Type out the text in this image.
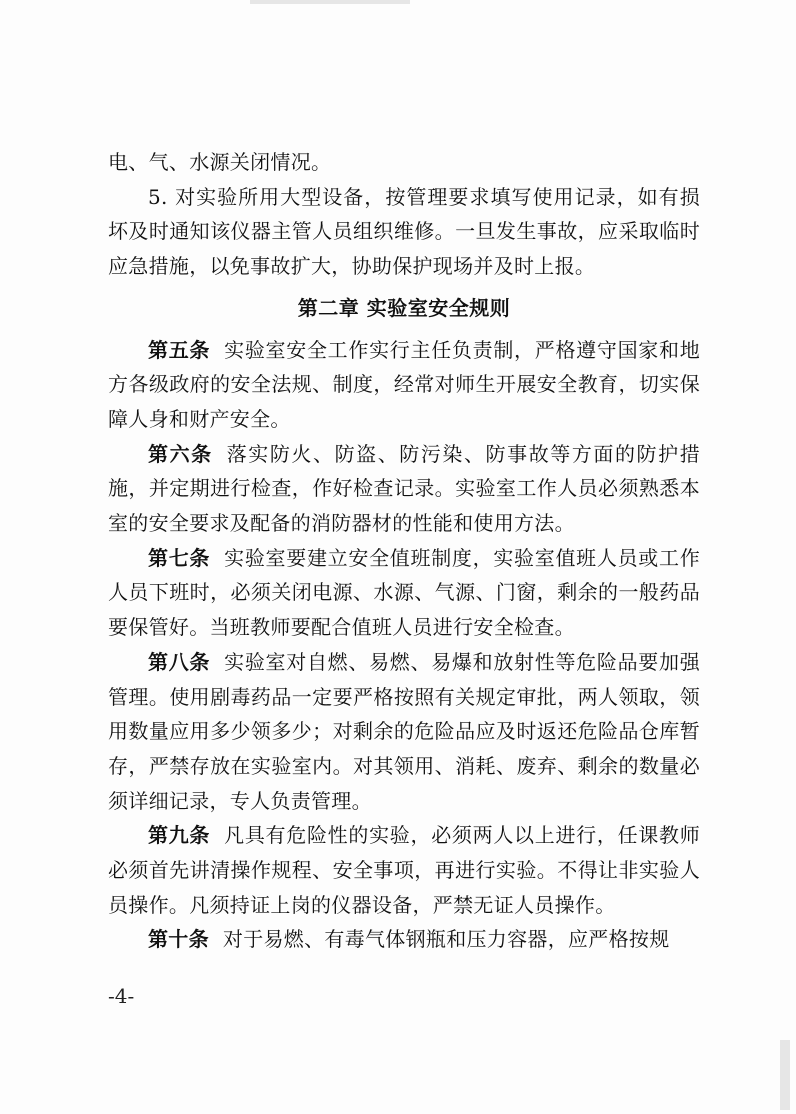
电、气、水源关闭情况。

5. 对实验所用大型设备，按管理要求填写使用记录，如有损坏及时通知该仪器主管人员组织维修。一旦发生事故，应采取临时应急措施，以免事故扩大，协助保护现场并及时上报。

第二章 实验室安全规则

第五条 实验室安全工作实行主任负责制，严格遵守国家和地方各级政府的安全法规、制度，经常对师生开展安全教育，切实保障人身和财产安全。

第六条 落实防火、防盗、防污染、防事故等方面的防护措施，并定期进行检查，作好检查记录。实验室工作人员必须熟悉本室的安全要求及配备的消防器材的性能和使用方法。

第七条 实验室要建立安全值班制度，实验室值班人员或工作人员下班时，必须关闭电源、水源、气源、门窗，剩余的一般药品要保管好。当班教师要配合值班人员进行安全检查。

第八条 实验室对自燃、易燃、易爆和放射性等危险品要加强管理。使用剧毒药品一定要严格按照有关规定审批，两人领取，领用数量应用多少领多少；对剩余的危险品应及时返还危险品仓库暂存，严禁存放在实验室内。对其领用、消耗、废弃、剩余的数量必须详细记录，专人负责管理。

第九条 凡具有危险性的实验，必须两人以上进行，任课教师必须首先讲清操作规程、安全事项，再进行实验。不得让非实验人员操作。凡须持证上岗的仪器设备，严禁无证人员操作。

第十条 对于易燃、有毒气体钢瓶和压力容器，应严格按规

-4-
